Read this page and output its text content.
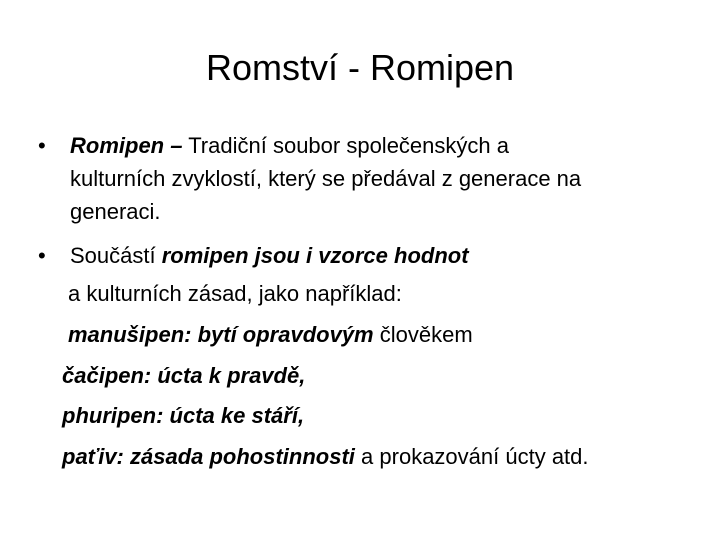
Romství - Romipen
•	Romipen – Tradiční soubor společenských a
kulturních zvyklostí, který se předával z generace na
generaci.
•	Součástí romipen jsou i vzorce hodnot
a kulturních zásad, jako například:
manušipen: bytí opravdovým člověkem
čačipen: úcta k pravdě,
phuripen: úcta ke stáří,
paťiv: zásada pohostinnosti a prokazování úcty atd.
